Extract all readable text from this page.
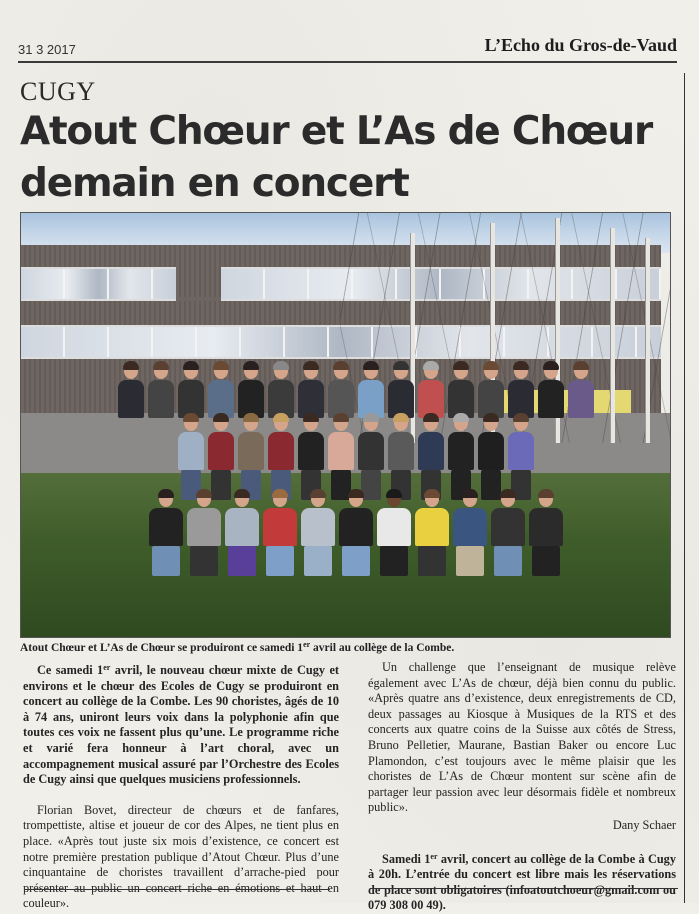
31 3 2017	L’Echo du Gros-de-Vaud
CUGY
Atout Chœur et L’As de Chœur
demain en concert
Atout Chœur et L’As de Chœur se produiront ce samedi 1er avril au collège de la Combe.

Ce samedi 1er avril, le nouveau chœur mixte de Cugy et environs et le chœur des Ecoles de Cugy se produiront en concert au collège de la Combe. Les 90 choristes, âgés de 10 à 74 ans, uniront leurs voix dans la polyphonie afin que toutes ces voix ne fassent plus qu’une. Le programme riche et varié fera honneur à l’art choral, avec un accompagnement musical assuré par l’Orchestre des Ecoles de Cugy ainsi que quelques musiciens professionnels.

Florian Bovet, directeur de chœurs et de fanfares, trompettiste, altise et joueur de cor des Alpes, ne tient plus en place. «Après tout juste six mois d’existence, ce concert est notre première prestation publique d’Atout Chœur. Plus d’une cinquantaine de choristes travaillent d’arrache-pied pour présenter au public un concert riche en émotions et haut en couleur».

Un challenge que l’enseignant de musique relève également avec L’As de chœur, déjà bien connu du public. «Après quatre ans d’existence, deux enregistrements de CD, deux passages au Kiosque à Musiques de la RTS et des concerts aux quatre coins de la Suisse aux côtés de Stress, Bruno Pelletier, Maurane, Bastian Baker ou encore Luc Plamondon, c’est toujours avec le même plaisir que les choristes de L’As de Chœur montent sur scène afin de partager leur passion avec leur désormais fidèle et nombreux public».

Dany Schaer

Samedi 1er avril, concert au collège de la Combe à Cugy à 20h. L’entrée du concert est libre mais les réservations de place sont obligatoires (infoatoutchoeur@gmail.com ou 079 308 00 49).
